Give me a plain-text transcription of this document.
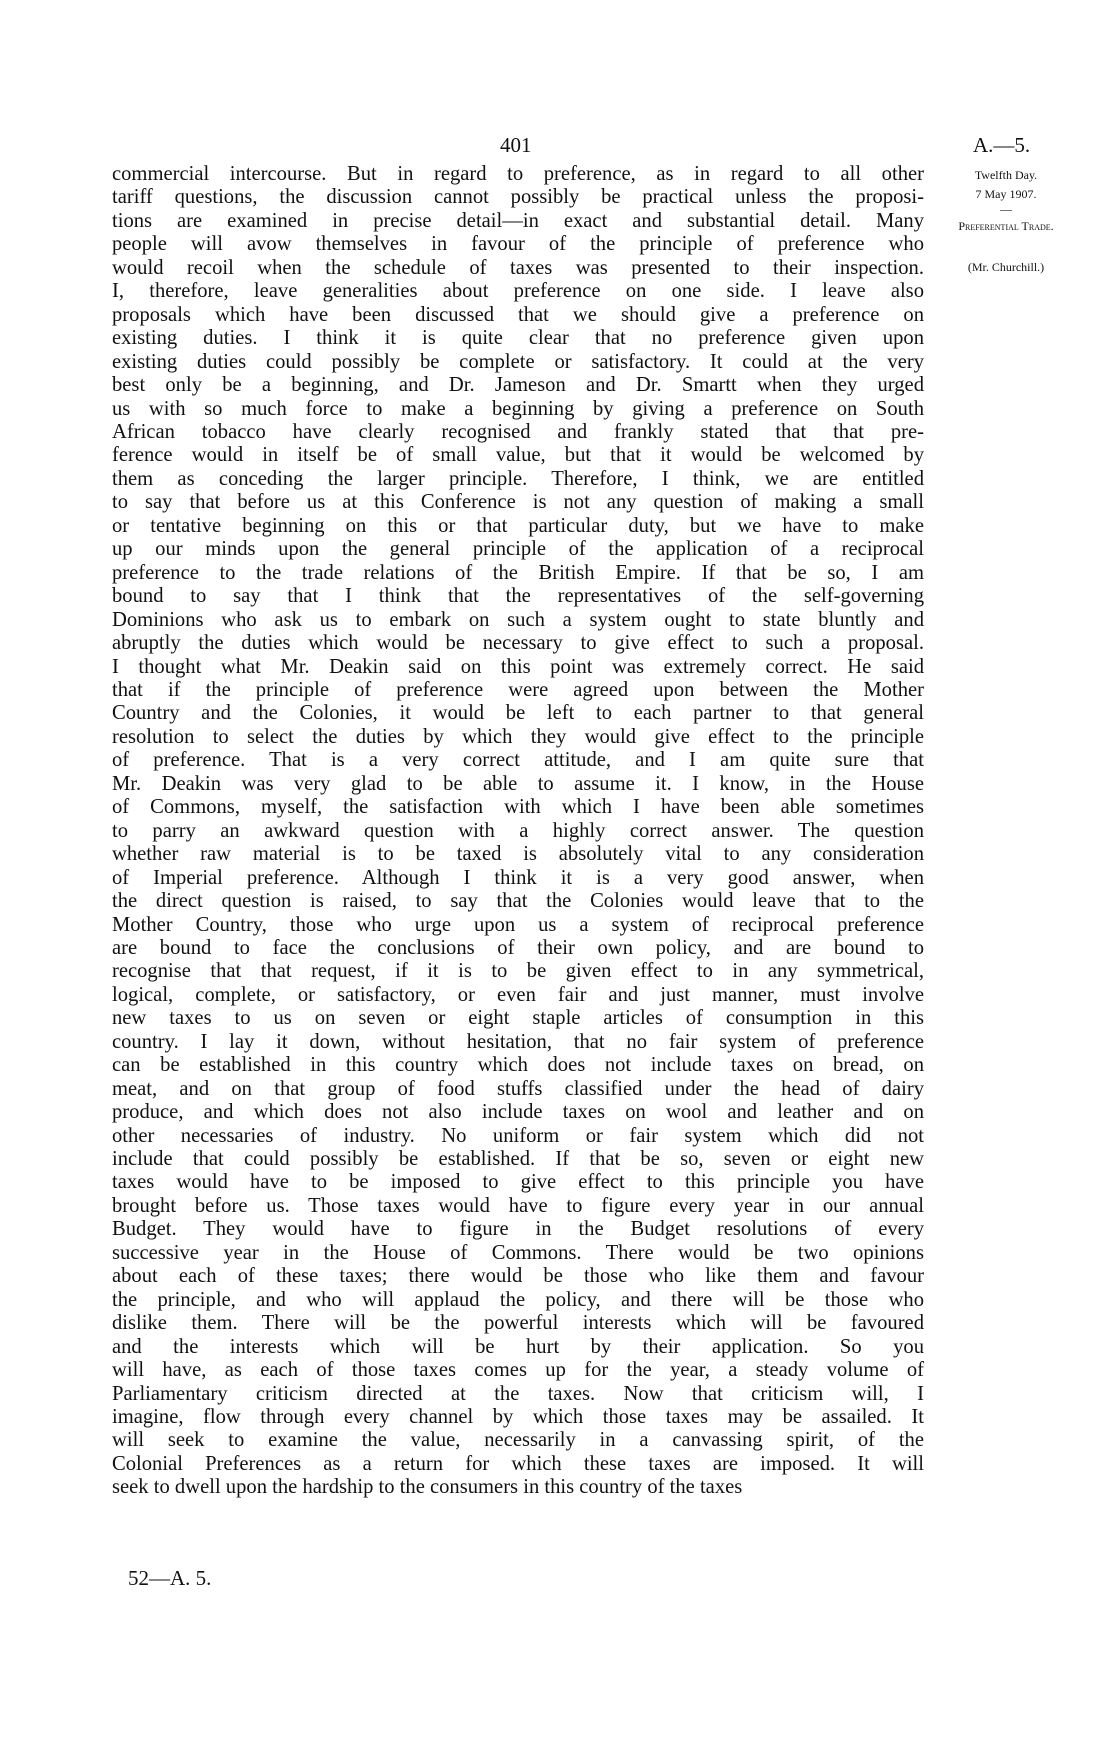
401	A.—5.
Twelfth Day.
7 May 1907.
—
Preferential Trade.
(Mr. Churchill.)
commercial intercourse. But in regard to preference, as in regard to all other
tariff questions, the discussion cannot possibly be practical unless the proposi-
tions are examined in precise detail—in exact and substantial detail. Many
people will avow themselves in favour of the principle of preference who
would recoil when the schedule of taxes was presented to their inspection.
I, therefore, leave generalities about preference on one side. I leave also
proposals which have been discussed that we should give a preference on
existing duties. I think it is quite clear that no preference given upon
existing duties could possibly be complete or satisfactory. It could at the very
best only be a beginning, and Dr. Jameson and Dr. Smartt when they urged
us with so much force to make a beginning by giving a preference on South
African tobacco have clearly recognised and frankly stated that that pre-
ference would in itself be of small value, but that it would be welcomed by
them as conceding the larger principle. Therefore, I think, we are entitled
to say that before us at this Conference is not any question of making a small
or tentative beginning on this or that particular duty, but we have to make
up our minds upon the general principle of the application of a reciprocal
preference to the trade relations of the British Empire. If that be so, I am
bound to say that I think that the representatives of the self-governing
Dominions who ask us to embark on such a system ought to state bluntly and
abruptly the duties which would be necessary to give effect to such a proposal.
I thought what Mr. Deakin said on this point was extremely correct. He said
that if the principle of preference were agreed upon between the Mother
Country and the Colonies, it would be left to each partner to that general
resolution to select the duties by which they would give effect to the principle
of preference. That is a very correct attitude, and I am quite sure that
Mr. Deakin was very glad to be able to assume it. I know, in the House
of Commons, myself, the satisfaction with which I have been able sometimes
to parry an awkward question with a highly correct answer. The question
whether raw material is to be taxed is absolutely vital to any consideration
of Imperial preference. Although I think it is a very good answer, when
the direct question is raised, to say that the Colonies would leave that to the
Mother Country, those who urge upon us a system of reciprocal preference
are bound to face the conclusions of their own policy, and are bound to
recognise that that request, if it is to be given effect to in any symmetrical,
logical, complete, or satisfactory, or even fair and just manner, must involve
new taxes to us on seven or eight staple articles of consumption in this
country. I lay it down, without hesitation, that no fair system of preference
can be established in this country which does not include taxes on bread, on
meat, and on that group of food stuffs classified under the head of dairy
produce, and which does not also include taxes on wool and leather and on
other necessaries of industry. No uniform or fair system which did not
include that could possibly be established. If that be so, seven or eight new
taxes would have to be imposed to give effect to this principle you have
brought before us. Those taxes would have to figure every year in our annual
Budget. They would have to figure in the Budget resolutions of every
successive year in the House of Commons. There would be two opinions
about each of these taxes; there would be those who like them and favour
the principle, and who will applaud the policy, and there will be those who
dislike them. There will be the powerful interests which will be favoured
and the interests which will be hurt by their application. So you
will have, as each of those taxes comes up for the year, a steady volume of
Parliamentary criticism directed at the taxes. Now that criticism will, I
imagine, flow through every channel by which those taxes may be assailed. It
will seek to examine the value, necessarily in a canvassing spirit, of the
Colonial Preferences as a return for which these taxes are imposed. It will
seek to dwell upon the hardship to the consumers in this country of the taxes
52—A. 5.
